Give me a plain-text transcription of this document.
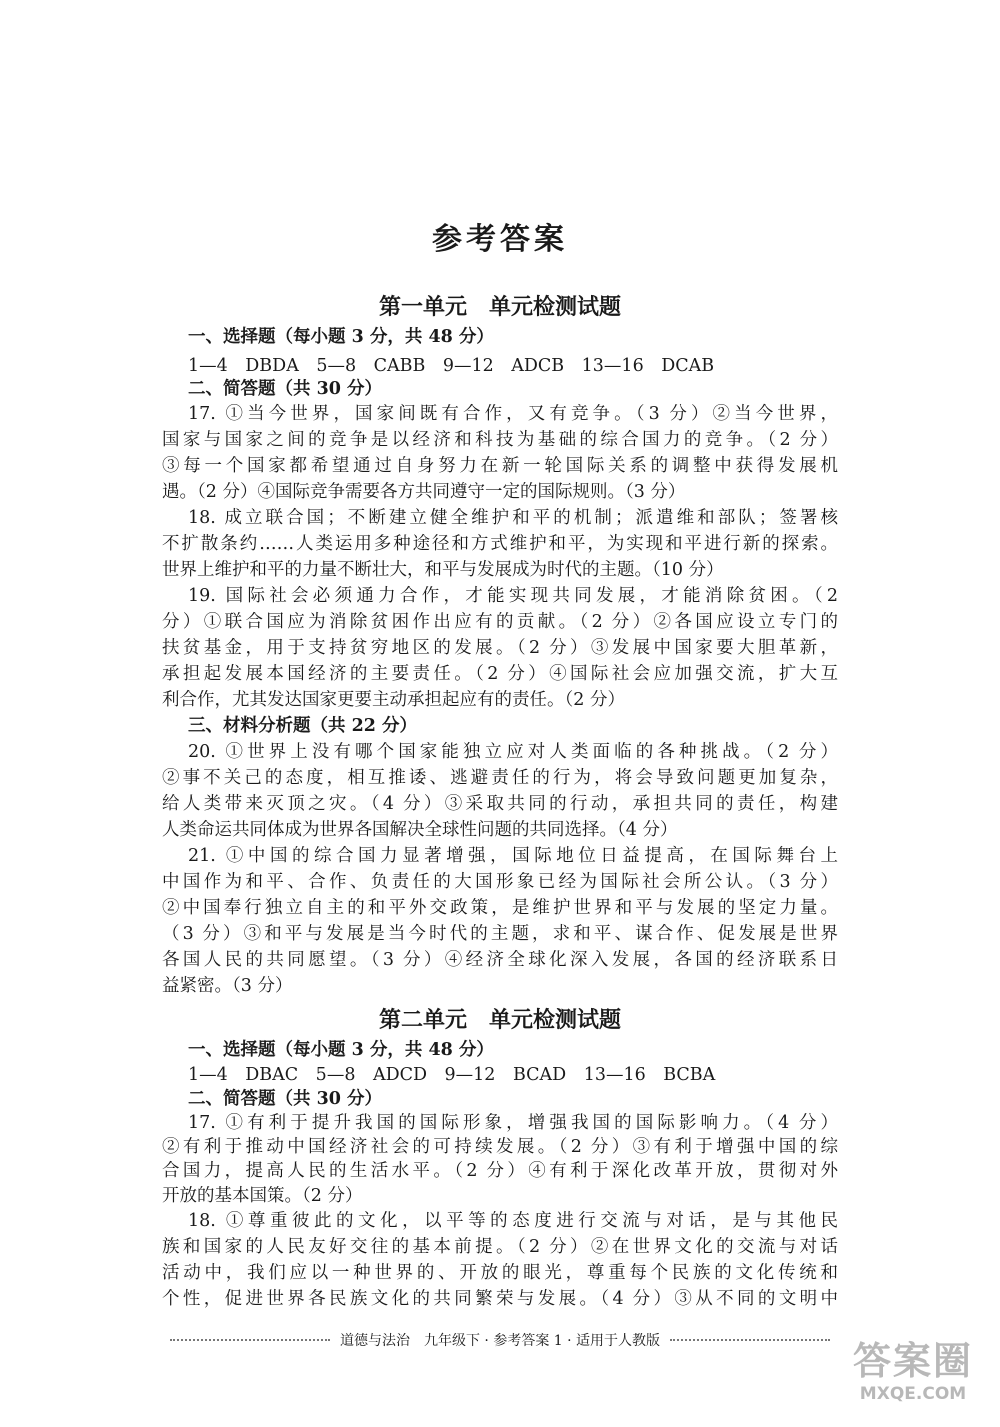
参考答案
第一单元　单元检测试题
一、选择题（每小题 3 分，共 48 分）
1—4　DBDA　5—8　CABB　9—12　ADCB　13—16　DCAB
二、简答题（共 30 分）
17. ①当今世界，国家间既有合作，又有竞争。（3 分）②当今世界，
国家与国家之间的竞争是以经济和科技为基础的综合国力的竞争。（2 分）
③每一个国家都希望通过自身努力在新一轮国际关系的调整中获得发展机
遇。（2 分）④国际竞争需要各方共同遵守一定的国际规则。（3 分）
18. 成立联合国；不断建立健全维护和平的机制；派遣维和部队；签署核
不扩散条约……人类运用多种途径和方式维护和平，为实现和平进行新的探索。
世界上维护和平的力量不断壮大，和平与发展成为时代的主题。（10 分）
19. 国际社会必须通力合作，才能实现共同发展，才能消除贫困。（2
分）①联合国应为消除贫困作出应有的贡献。（2 分）②各国应设立专门的
扶贫基金，用于支持贫穷地区的发展。（2 分）③发展中国家要大胆革新，
承担起发展本国经济的主要责任。（2 分）④国际社会应加强交流，扩大互
利合作，尤其发达国家更要主动承担起应有的责任。（2 分）
三、材料分析题（共 22 分）
20. ①世界上没有哪个国家能独立应对人类面临的各种挑战。（2 分）
②事不关己的态度，相互推诿、逃避责任的行为，将会导致问题更加复杂，
给人类带来灭顶之灾。（4 分）③采取共同的行动，承担共同的责任，构建
人类命运共同体成为世界各国解决全球性问题的共同选择。（4 分）
21. ①中国的综合国力显著增强，国际地位日益提高，在国际舞台上
中国作为和平、合作、负责任的大国形象已经为国际社会所公认。（3 分）
②中国奉行独立自主的和平外交政策，是维护世界和平与发展的坚定力量。
（3 分）③和平与发展是当今时代的主题，求和平、谋合作、促发展是世界
各国人民的共同愿望。（3 分）④经济全球化深入发展，各国的经济联系日
益紧密。（3 分）
第二单元　单元检测试题
一、选择题（每小题 3 分，共 48 分）
1—4　DBAC　5—8　ADCD　9—12　BCAD　13—16　BCBA
二、简答题（共 30 分）
17. ①有利于提升我国的国际形象，增强我国的国际影响力。（4 分）
②有利于推动中国经济社会的可持续发展。（2 分）③有利于增强中国的综
合国力，提高人民的生活水平。（2 分）④有利于深化改革开放，贯彻对外
开放的基本国策。（2 分）
18. ①尊重彼此的文化，以平等的态度进行交流与对话，是与其他民
道德与法治　九年级下 · 参考答案 1 · 适用于人教版	答案圈
MXQE.COM
族和国家的人民友好交往的基本前提。（2 分）②在世界文化的交流与对话
活动中，我们应以一种世界的、开放的眼光，尊重每个民族的文化传统和
个性，促进世界各民族文化的共同繁荣与发展。（4 分）③从不同的文明中
